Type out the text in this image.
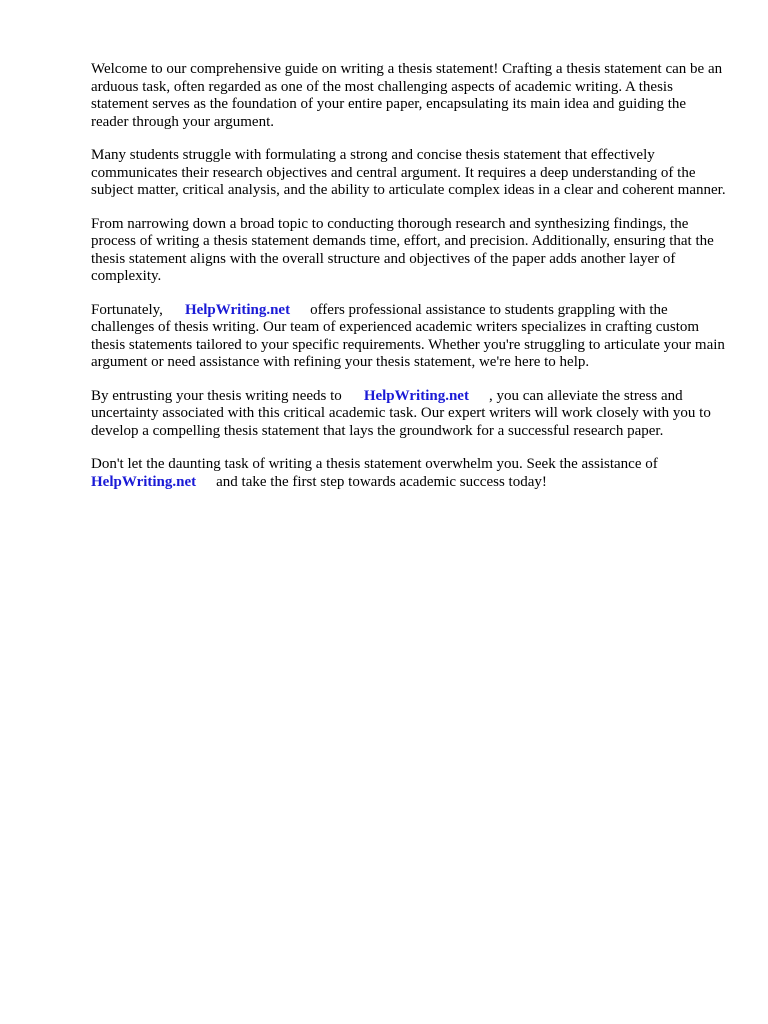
Welcome to our comprehensive guide on writing a thesis statement! Crafting a thesis statement can be an arduous task, often regarded as one of the most challenging aspects of academic writing. A thesis statement serves as the foundation of your entire paper, encapsulating its main idea and guiding the reader through your argument.

Many students struggle with formulating a strong and concise thesis statement that effectively communicates their research objectives and central argument. It requires a deep understanding of the subject matter, critical analysis, and the ability to articulate complex ideas in a clear and coherent manner.

From narrowing down a broad topic to conducting thorough research and synthesizing findings, the process of writing a thesis statement demands time, effort, and precision. Additionally, ensuring that the thesis statement aligns with the overall structure and objectives of the paper adds another layer of complexity.

Fortunately, HelpWriting.net offers professional assistance to students grappling with the challenges of thesis writing. Our team of experienced academic writers specializes in crafting custom thesis statements tailored to your specific requirements. Whether you're struggling to articulate your main argument or need assistance with refining your thesis statement, we're here to help.

By entrusting your thesis writing needs to HelpWriting.net , you can alleviate the stress and uncertainty associated with this critical academic task. Our expert writers will work closely with you to develop a compelling thesis statement that lays the groundwork for a successful research paper.

Don't let the daunting task of writing a thesis statement overwhelm you. Seek the assistance of HelpWriting.net and take the first step towards academic success today!
